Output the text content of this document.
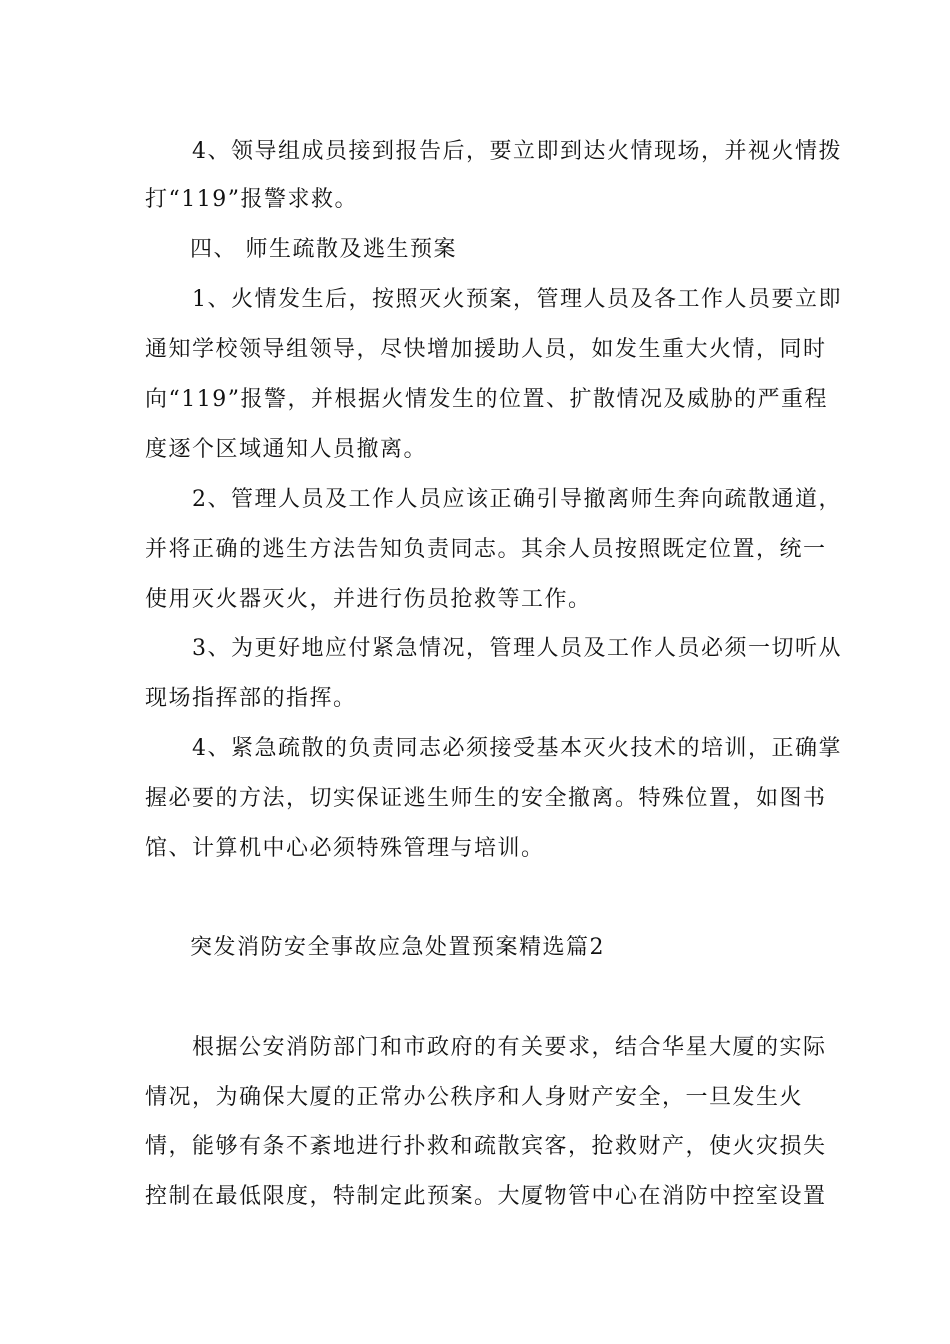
4、领导组成员接到报告后，要立即到达火情现场，并视火情拨
打“119”报警求救。
四、 师生疏散及逃生预案
1、火情发生后，按照灭火预案，管理人员及各工作人员要立即
通知学校领导组领导，尽快增加援助人员，如发生重大火情，同时
向“119”报警，并根据火情发生的位置、扩散情况及威胁的严重程
度逐个区域通知人员撤离。
2、管理人员及工作人员应该正确引导撤离师生奔向疏散通道，
并将正确的逃生方法告知负责同志。其余人员按照既定位置，统一
使用灭火器灭火，并进行伤员抢救等工作。
3、为更好地应付紧急情况，管理人员及工作人员必须一切听从
现场指挥部的指挥。
4、紧急疏散的负责同志必须接受基本灭火技术的培训，正确掌
握必要的方法，切实保证逃生师生的安全撤离。特殊位置，如图书
馆、计算机中心必须特殊管理与培训。
突发消防安全事故应急处置预案精选篇2
根据公安消防部门和市政府的有关要求，结合华星大厦的实际
情况，为确保大厦的正常办公秩序和人身财产安全，一旦发生火
情，能够有条不紊地进行扑救和疏散宾客，抢救财产，使火灾损失
控制在最低限度，特制定此预案。大厦物管中心在消防中控室设置
